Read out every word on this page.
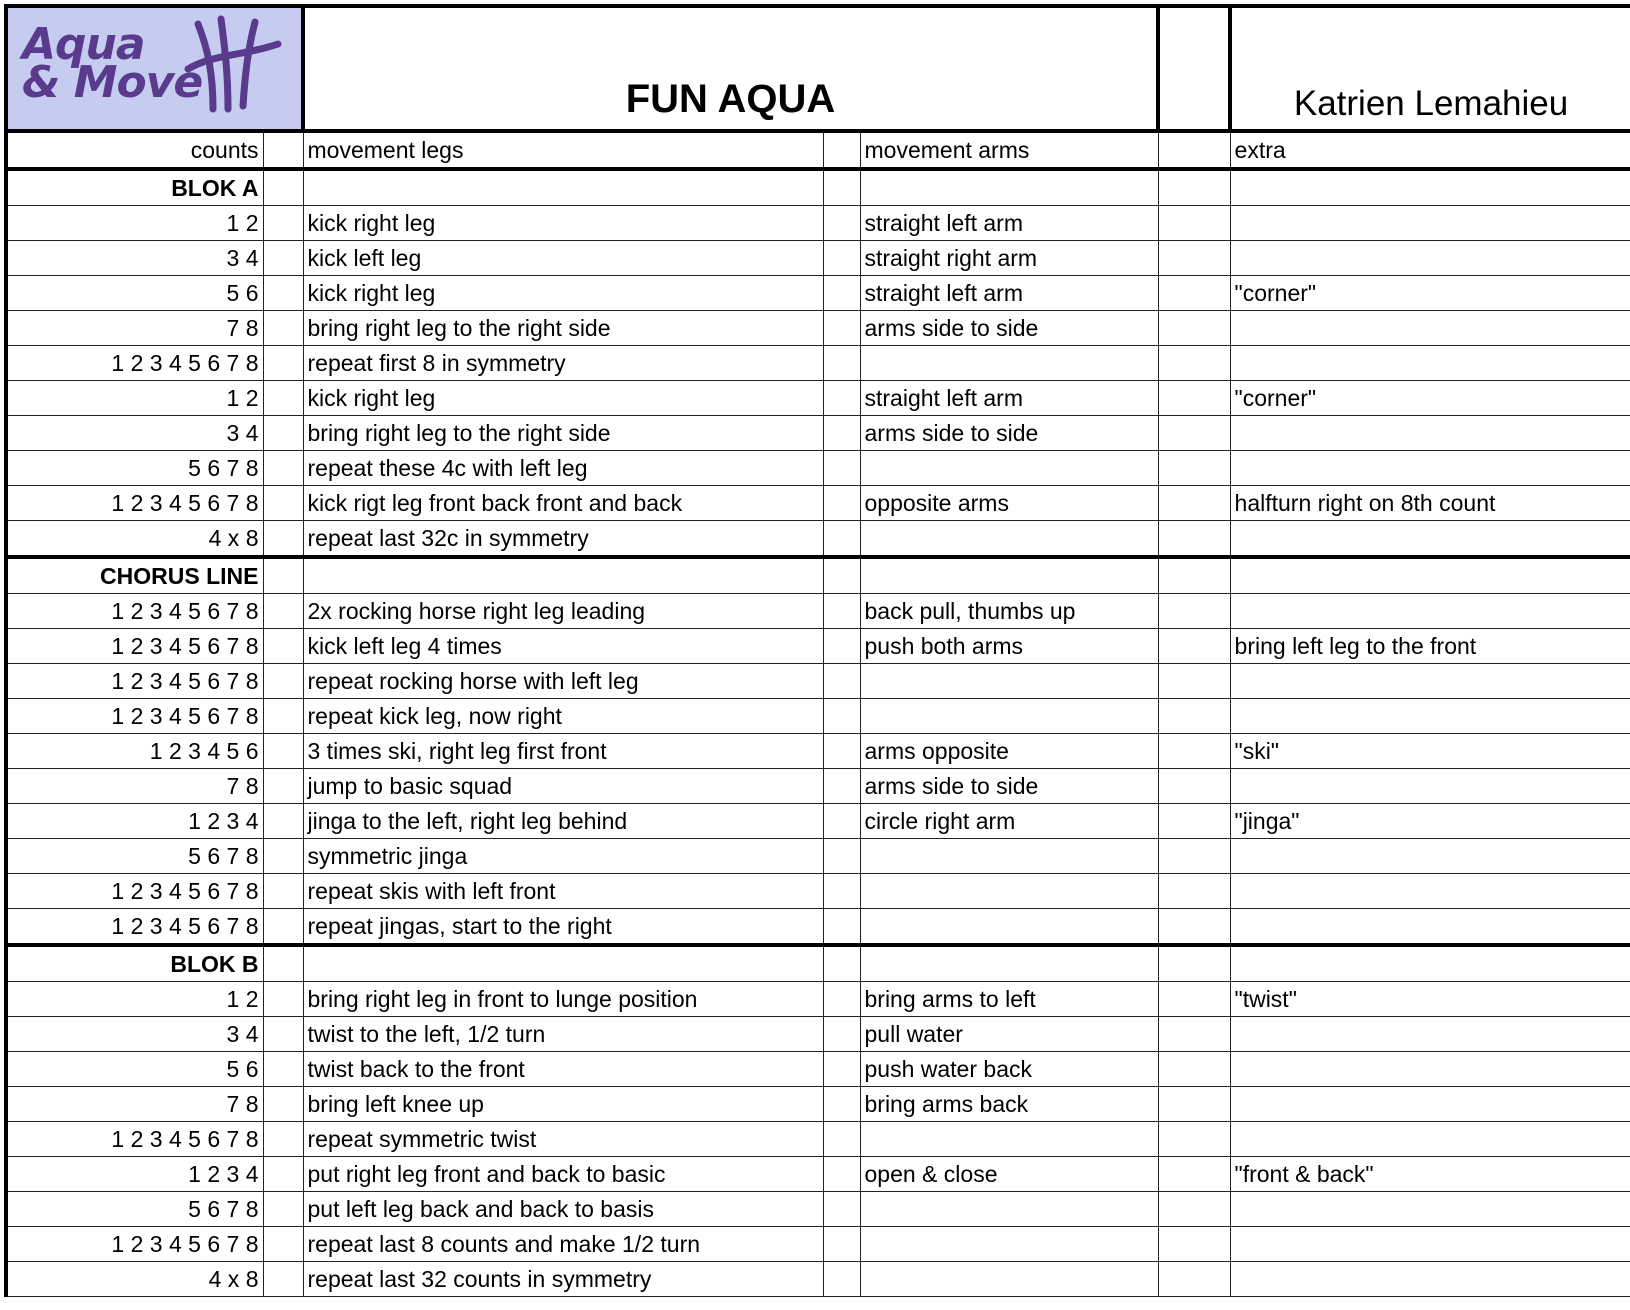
Aqua
& Move		FUN AQUA				Katrien Lemahieu
counts		movement legs		movement arms		extra
BLOK A						
1 2		kick right leg		straight left arm		
3 4		kick left leg		straight right arm		
5 6		kick right leg		straight left arm		"corner"
7 8		bring right leg to the right side		arms side to side		
1 2 3 4 5 6 7 8		repeat first 8 in symmetry				
1 2		kick right leg		straight left arm		"corner"
3 4		bring right leg to the right side		arms side to side		
5 6 7 8		repeat these 4c with left leg				
1 2 3 4 5 6 7 8		kick rigt leg front back front and back		opposite arms		halfturn right on 8th count
4 x 8		repeat last 32c in symmetry				
CHORUS LINE						
1 2 3 4 5 6 7 8		2x rocking horse right leg leading		back pull, thumbs up		
1 2 3 4 5 6 7 8		kick left leg 4 times		push both arms		bring left leg to the front
1 2 3 4 5 6 7 8		repeat rocking horse with left leg				
1 2 3 4 5 6 7 8		repeat kick leg, now right				
1 2 3 4 5 6		3 times ski, right leg first front		arms opposite		"ski"
7 8		jump to basic squad		arms side to side		
1 2 3 4		jinga to the left, right leg behind		circle right arm		"jinga"
5 6 7 8		symmetric jinga				
1 2 3 4 5 6 7 8		repeat skis with left front				
1 2 3 4 5 6 7 8		repeat jingas, start to the right				
BLOK B						
1 2		bring right leg in front to lunge position		bring arms to left		"twist"
3 4		twist to the left, 1/2 turn		pull water		
5 6		twist back to the front		push water back		
7 8		bring left knee up		bring arms back		
1 2 3 4 5 6 7 8		repeat symmetric twist				
1 2 3 4		put right leg front and back to basic		open & close		"front & back"
5 6 7 8		put left leg back and back to basis				
1 2 3 4 5 6 7 8		repeat last 8 counts and make 1/2 turn				
4 x 8		repeat last 32 counts in symmetry				
